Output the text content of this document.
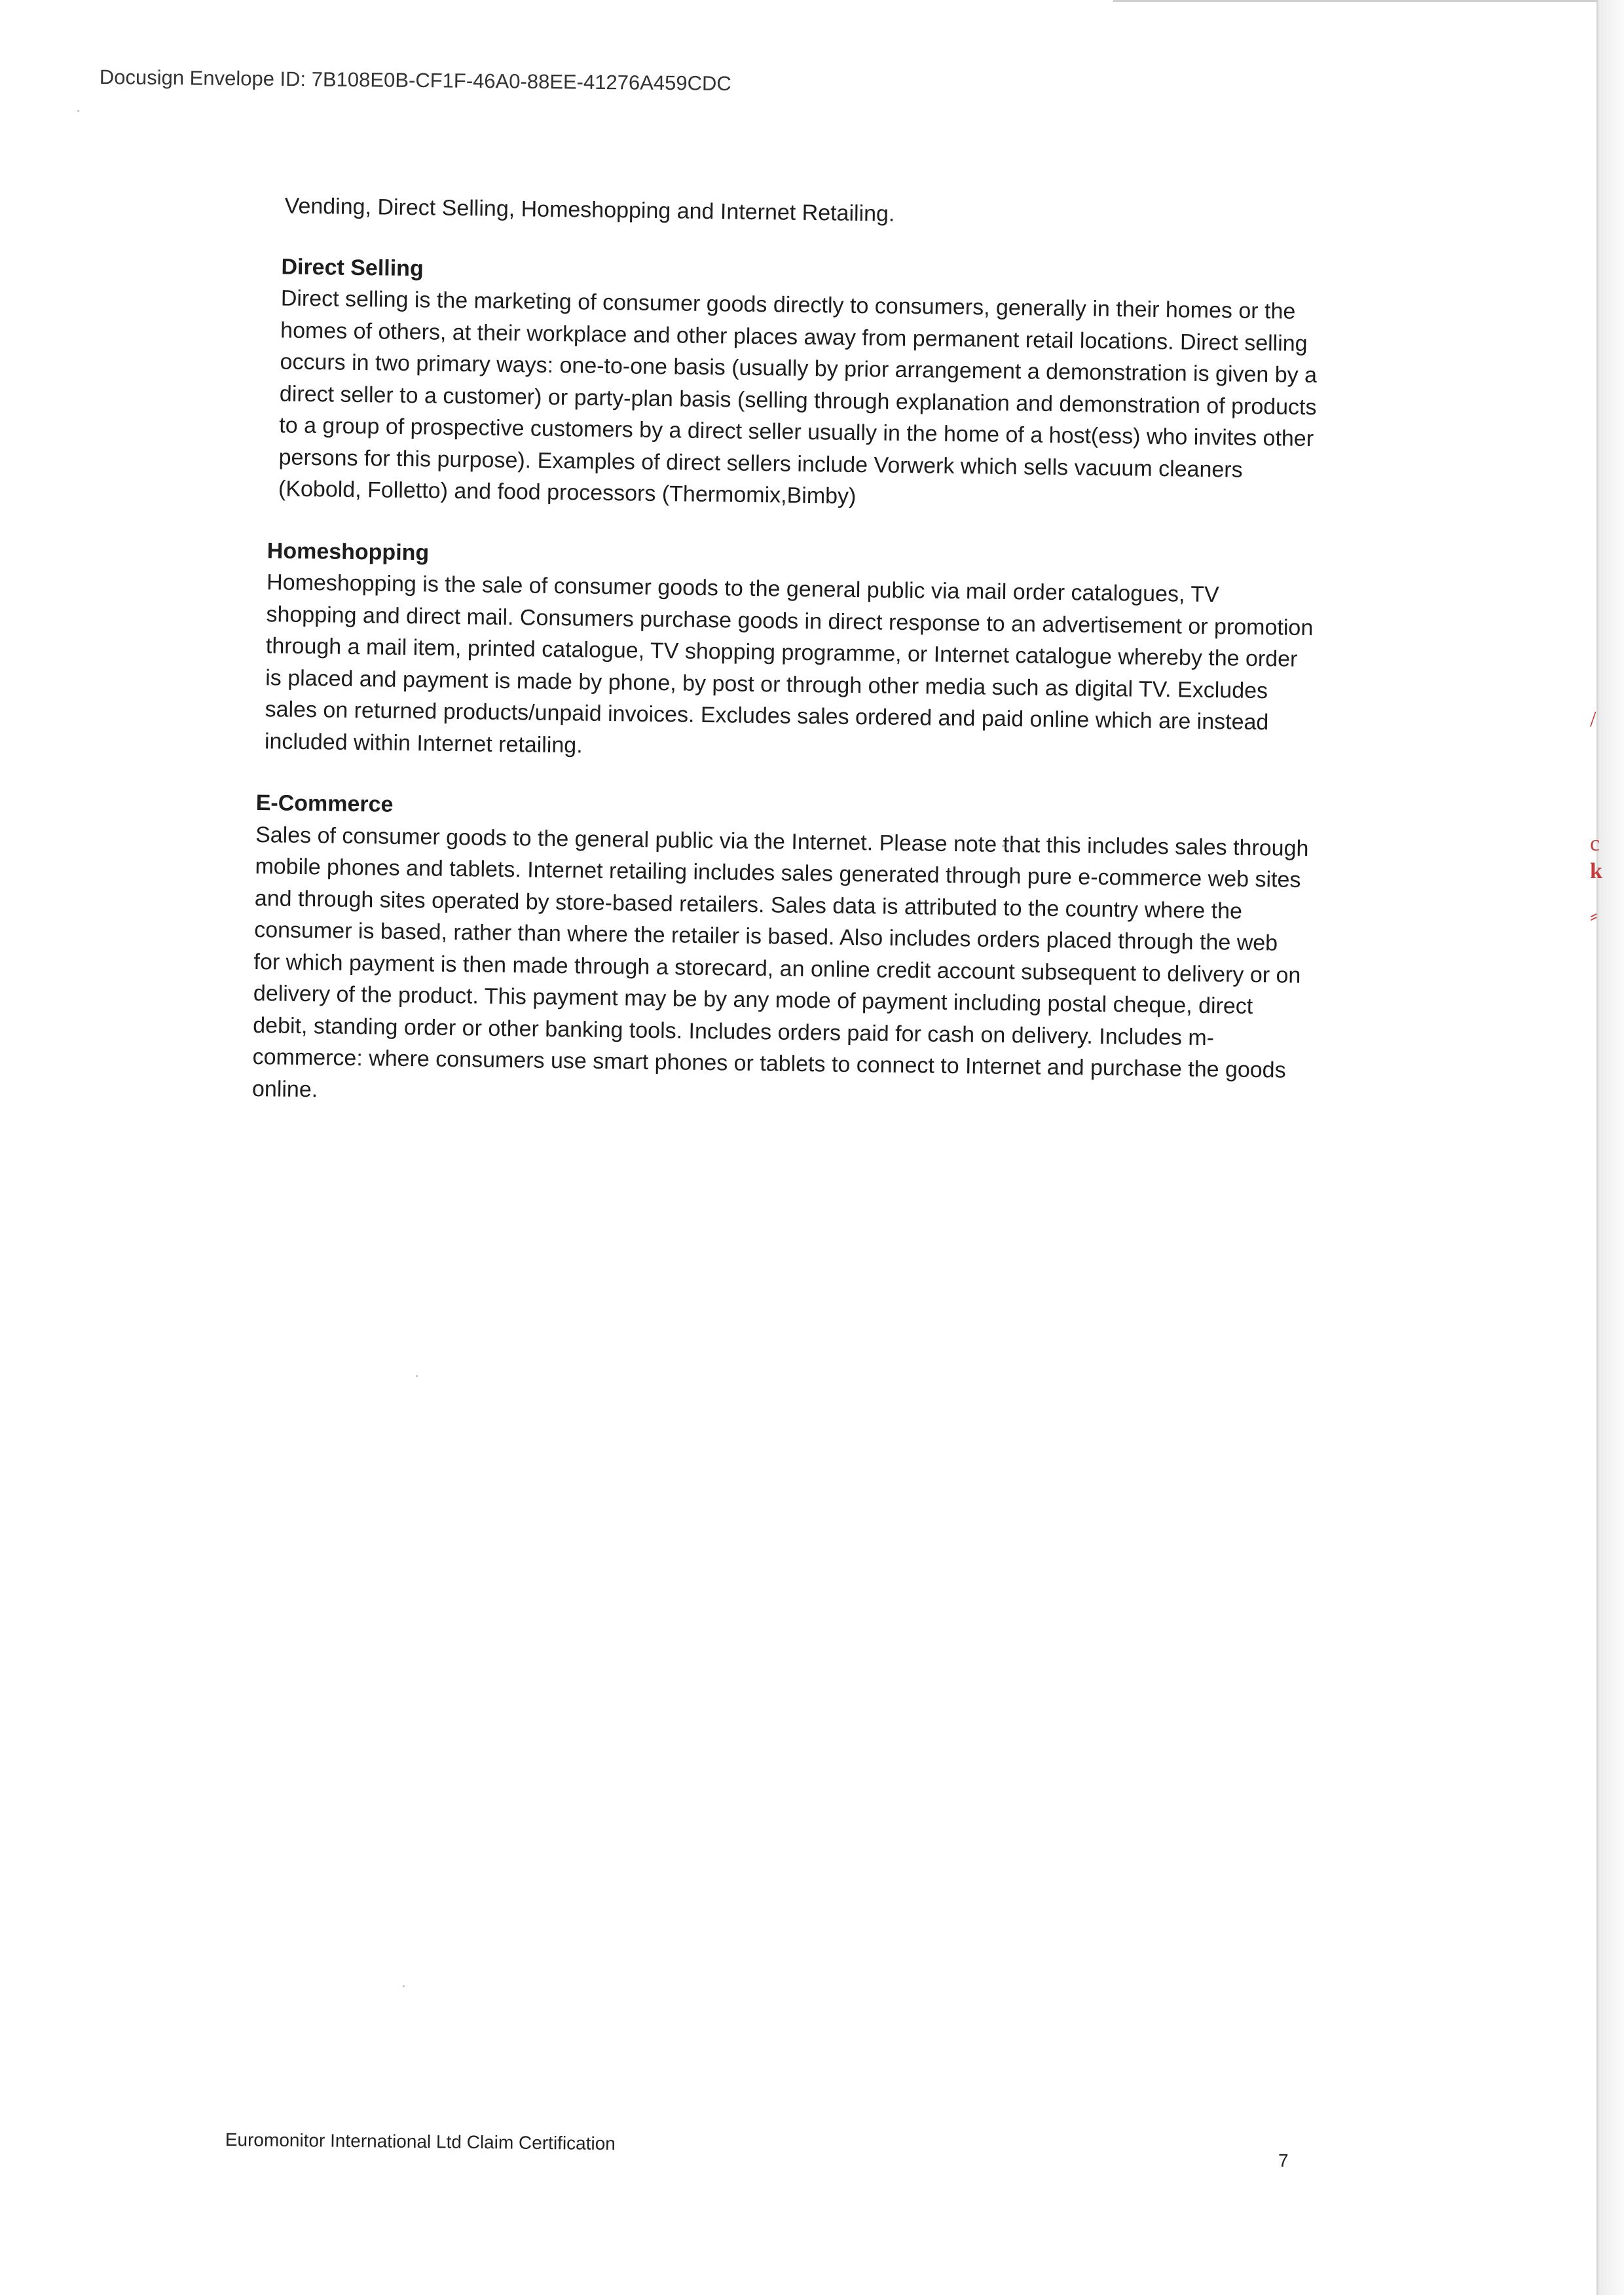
Docusign Envelope ID: 7B108E0B-CF1F-46A0-88EE-41276A459CDC

Vending, Direct Selling, Homeshopping and Internet Retailing.

Direct Selling

Direct selling is the marketing of consumer goods directly to consumers, generally in their homes or the homes of others, at their workplace and other places away from permanent retail locations. Direct selling occurs in two primary ways: one-to-one basis (usually by prior arrangement a demonstration is given by a direct seller to a customer) or party-plan basis (selling through explanation and demonstration of products to a group of prospective customers by a direct seller usually in the home of a host(ess) who invites other persons for this purpose). Examples of direct sellers include Vorwerk which sells vacuum cleaners (Kobold, Folletto) and food processors (Thermomix,Bimby)

Homeshopping

Homeshopping is the sale of consumer goods to the general public via mail order catalogues, TV shopping and direct mail. Consumers purchase goods in direct response to an advertisement or promotion through a mail item, printed catalogue, TV shopping programme, or Internet catalogue whereby the order is placed and payment is made by phone, by post or through other media such as digital TV. Excludes sales on returned products/unpaid invoices. Excludes sales ordered and paid online which are instead included within Internet retailing.

E-Commerce

Sales of consumer goods to the general public via the Internet. Please note that this includes sales through mobile phones and tablets. Internet retailing includes sales generated through pure e-commerce web sites and through sites operated by store-based retailers. Sales data is attributed to the country where the consumer is based, rather than where the retailer is based. Also includes orders placed through the web for which payment is then made through a storecard, an online credit account subsequent to delivery or on delivery of the product. This payment may be by any mode of payment including postal cheque, direct debit, standing order or other banking tools. Includes orders paid for cash on delivery. Includes m-commerce: where consumers use smart phones or tablets to connect to Internet and purchase the goods online.

/
c
k
⸗
Euromonitor International Ltd Claim Certification
7
